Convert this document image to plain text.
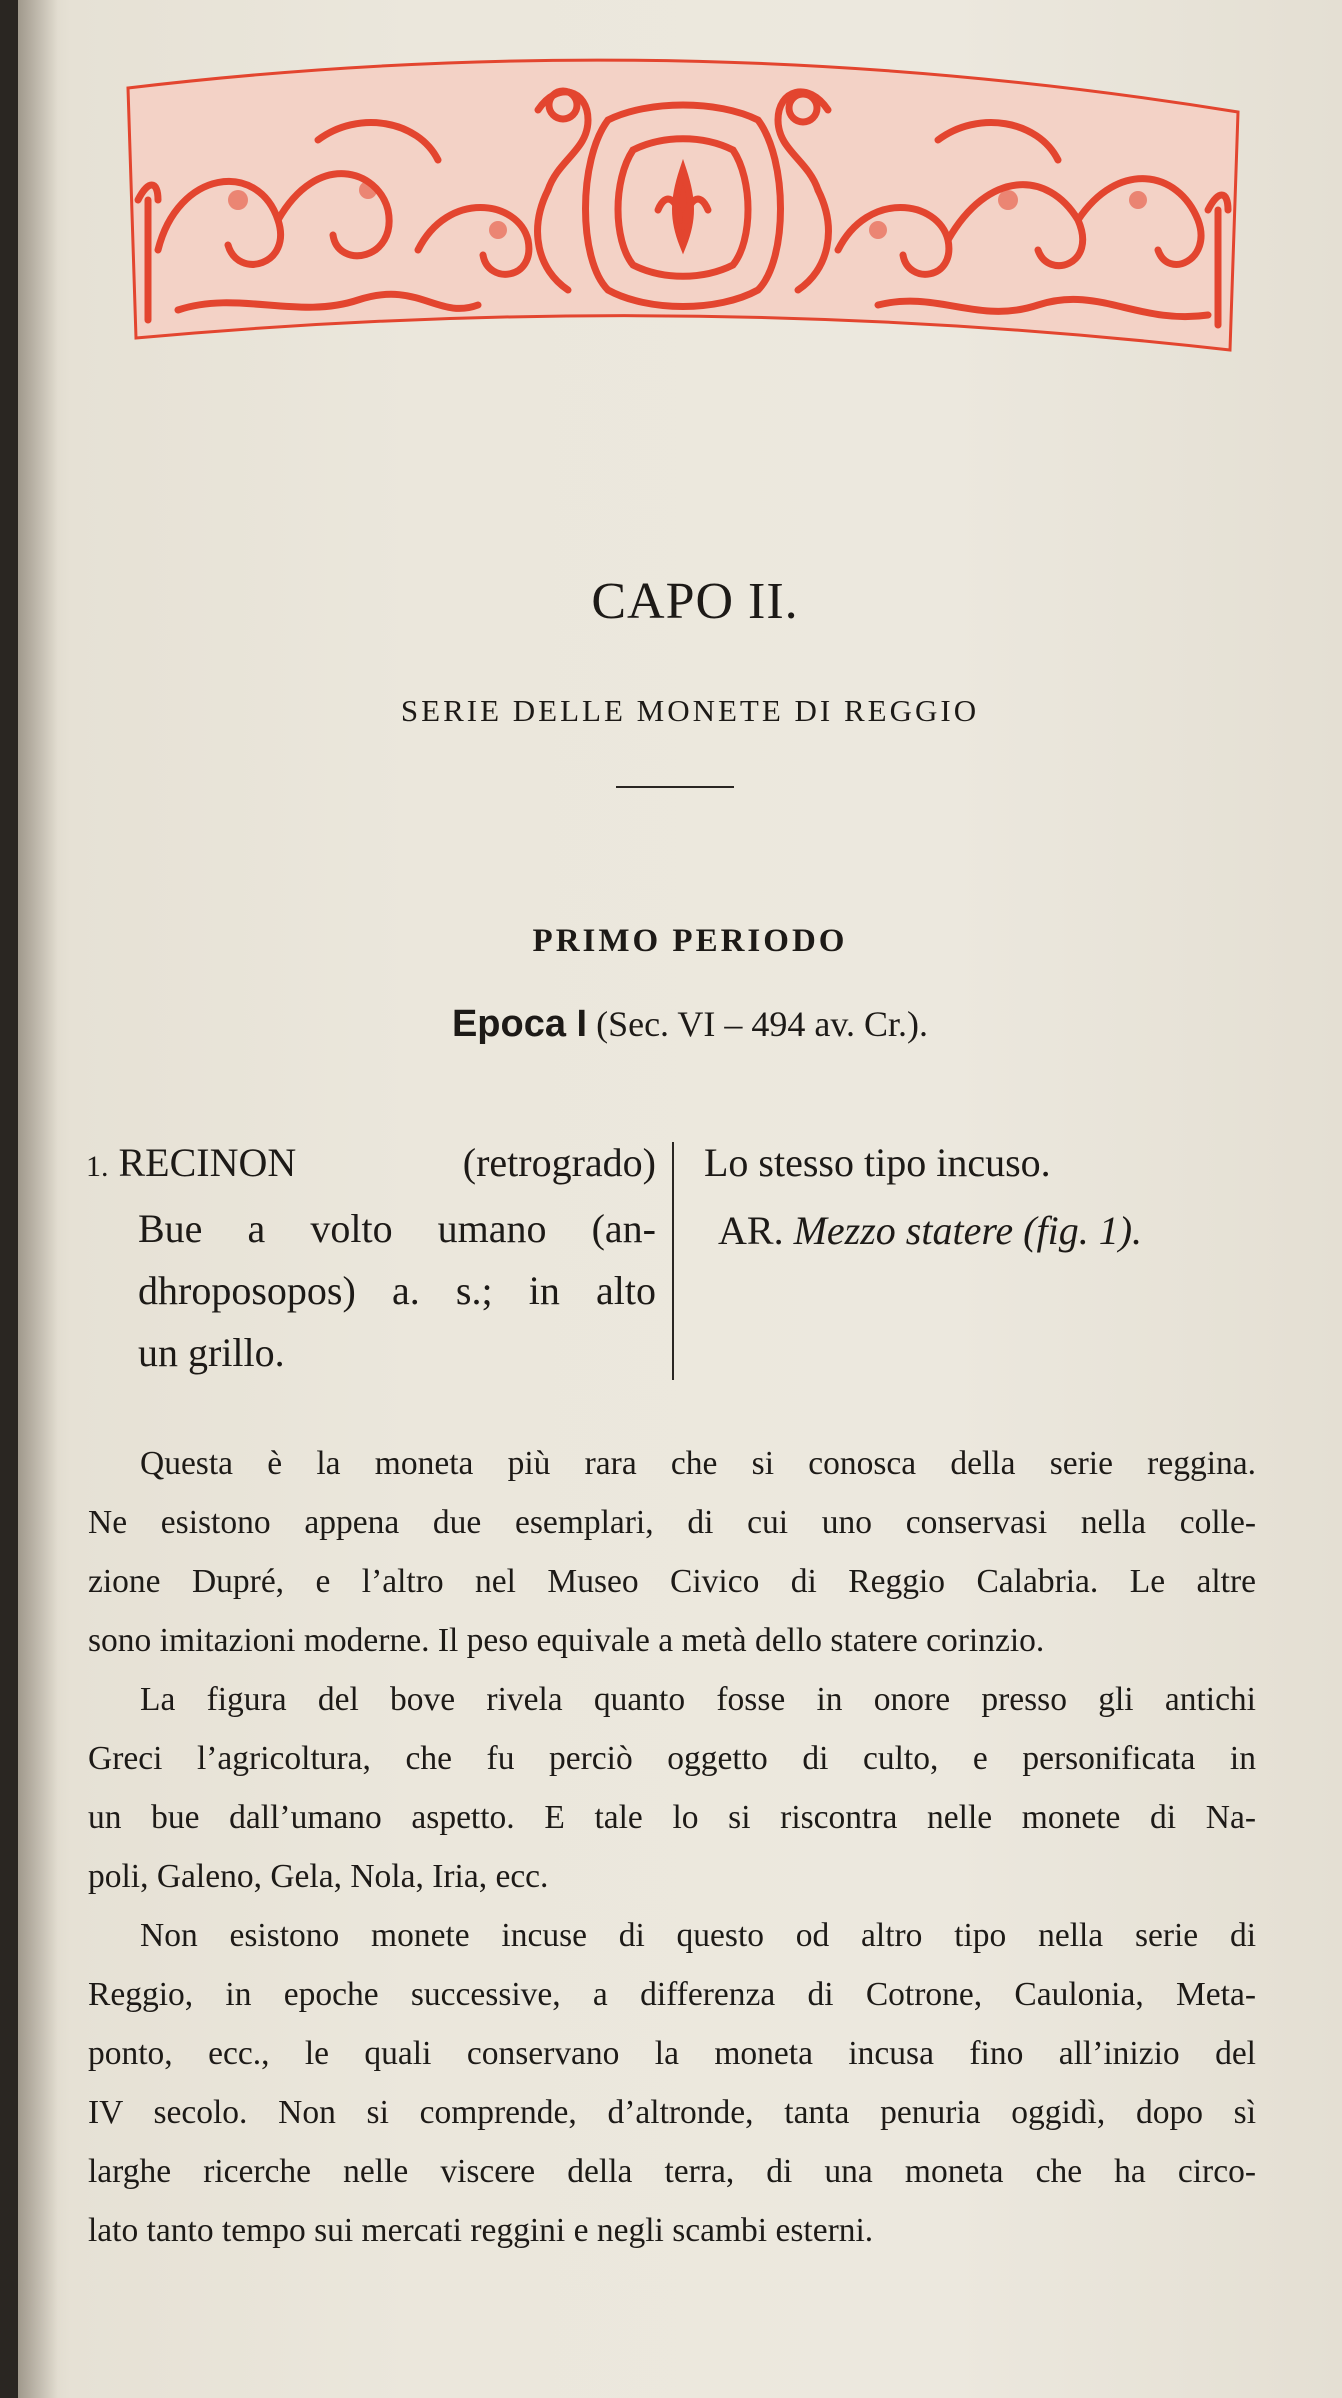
CAPO II.
SERIE DELLE MONETE DI REGGIO
PRIMO PERIODO
Epoca I (Sec. VI – 494 av. Cr.).
1. RECINON (retrogrado)
Bue a volto umano (an-
dhroposopos) a. s.; in alto
un grillo.
Lo stesso tipo incuso.
AR. Mezzo statere (fig. 1).
Questa è la moneta più rara che si conosca della serie reggina.
Ne esistono appena due esemplari, di cui uno conservasi nella colle-
zione Dupré, e l’altro nel Museo Civico di Reggio Calabria. Le altre
sono imitazioni moderne. Il peso equivale a metà dello statere corinzio.
La figura del bove rivela quanto fosse in onore presso gli antichi
Greci l’agricoltura, che fu perciò oggetto di culto, e personificata in
un bue dall’umano aspetto. E tale lo si riscontra nelle monete di Na-
poli, Galeno, Gela, Nola, Iria, ecc.
Non esistono monete incuse di questo od altro tipo nella serie di
Reggio, in epoche successive, a differenza di Cotrone, Caulonia, Meta-
ponto, ecc., le quali conservano la moneta incusa fino all’inizio del
IV secolo. Non si comprende, d’altronde, tanta penuria oggidì, dopo sì
larghe ricerche nelle viscere della terra, di una moneta che ha circo-
lato tanto tempo sui mercati reggini e negli scambi esterni.
